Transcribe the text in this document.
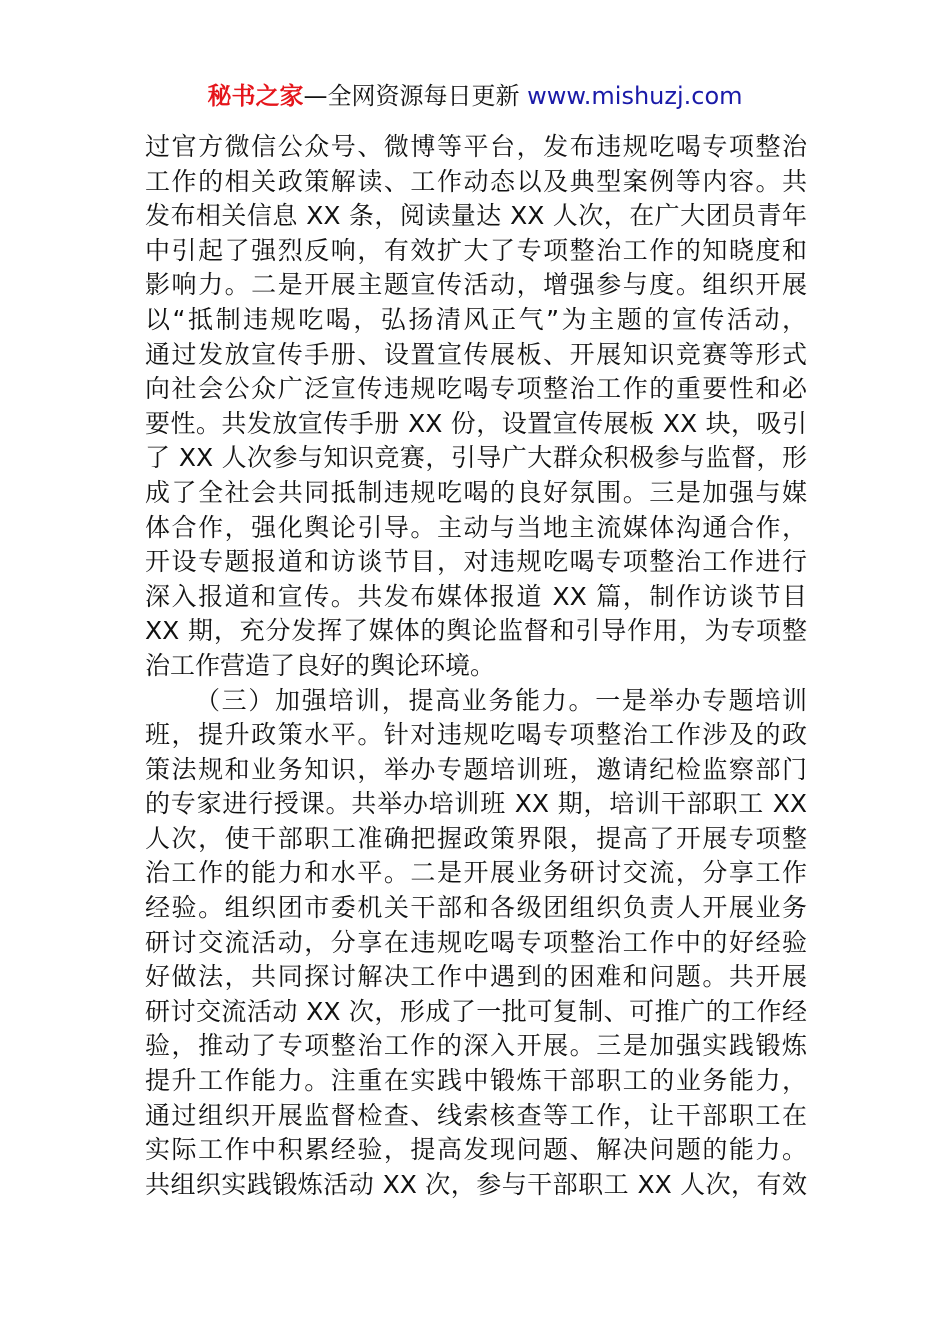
秘书之家—全网资源每日更新 www.mishuzj.com
过官方微信公众号、微博等平台，发布违规吃喝专项整治
工作的相关政策解读、工作动态以及典型案例等内容。共
发布相关信息 XX 条，阅读量达 XX 人次，在广大团员青年
中引起了强烈反响，有效扩大了专项整治工作的知晓度和
影响力。二是开展主题宣传活动，增强参与度。组织开展
以“抵制违规吃喝，弘扬清风正气”为主题的宣传活动，
通过发放宣传手册、设置宣传展板、开展知识竞赛等形式
向社会公众广泛宣传违规吃喝专项整治工作的重要性和必
要性。共发放宣传手册 XX 份，设置宣传展板 XX 块，吸引
了 XX 人次参与知识竞赛，引导广大群众积极参与监督，形
成了全社会共同抵制违规吃喝的良好氛围。三是加强与媒
体合作，强化舆论引导。主动与当地主流媒体沟通合作，
开设专题报道和访谈节目，对违规吃喝专项整治工作进行
深入报道和宣传。共发布媒体报道 XX 篇，制作访谈节目
XX 期，充分发挥了媒体的舆论监督和引导作用，为专项整
治工作营造了良好的舆论环境。
（三）加强培训，提高业务能力。一是举办专题培训
班，提升政策水平。针对违规吃喝专项整治工作涉及的政
策法规和业务知识，举办专题培训班，邀请纪检监察部门
的专家进行授课。共举办培训班 XX 期，培训干部职工 XX
人次，使干部职工准确把握政策界限，提高了开展专项整
治工作的能力和水平。二是开展业务研讨交流，分享工作
经验。组织团市委机关干部和各级团组织负责人开展业务
研讨交流活动，分享在违规吃喝专项整治工作中的好经验
好做法，共同探讨解决工作中遇到的困难和问题。共开展
研讨交流活动 XX 次，形成了一批可复制、可推广的工作经
验，推动了专项整治工作的深入开展。三是加强实践锻炼
提升工作能力。注重在实践中锻炼干部职工的业务能力，
通过组织开展监督检查、线索核查等工作，让干部职工在
实际工作中积累经验，提高发现问题、解决问题的能力。
共组织实践锻炼活动 XX 次，参与干部职工 XX 人次，有效
